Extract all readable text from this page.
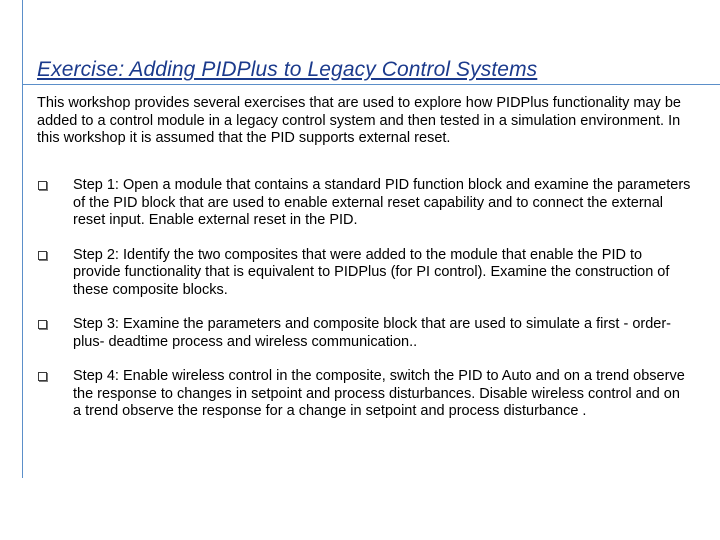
Exercise: Adding PIDPlus to Legacy Control Systems

This workshop provides several exercises that are used to explore how PIDPlus functionality may be added to a control module in a legacy control system and then tested in a simulation environment. In this workshop it is assumed that the PID supports external reset.

Step 1: Open a module that contains a standard PID function block and examine the parameters of the PID block that are used to enable external reset capability and to connect the external reset input. Enable external reset in the PID.
Step 2: Identify the two composites that were added to the module that enable the PID to provide functionality that is equivalent to PIDPlus (for PI control). Examine the construction of these composite blocks.
Step 3: Examine the parameters and composite block that are used to simulate a first - order- plus- deadtime process and wireless communication..
Step 4: Enable wireless control in the composite, switch the PID to Auto and on a trend observe the response to changes in setpoint and process disturbances. Disable wireless control and on a trend observe the response for a change in setpoint and process disturbance .
